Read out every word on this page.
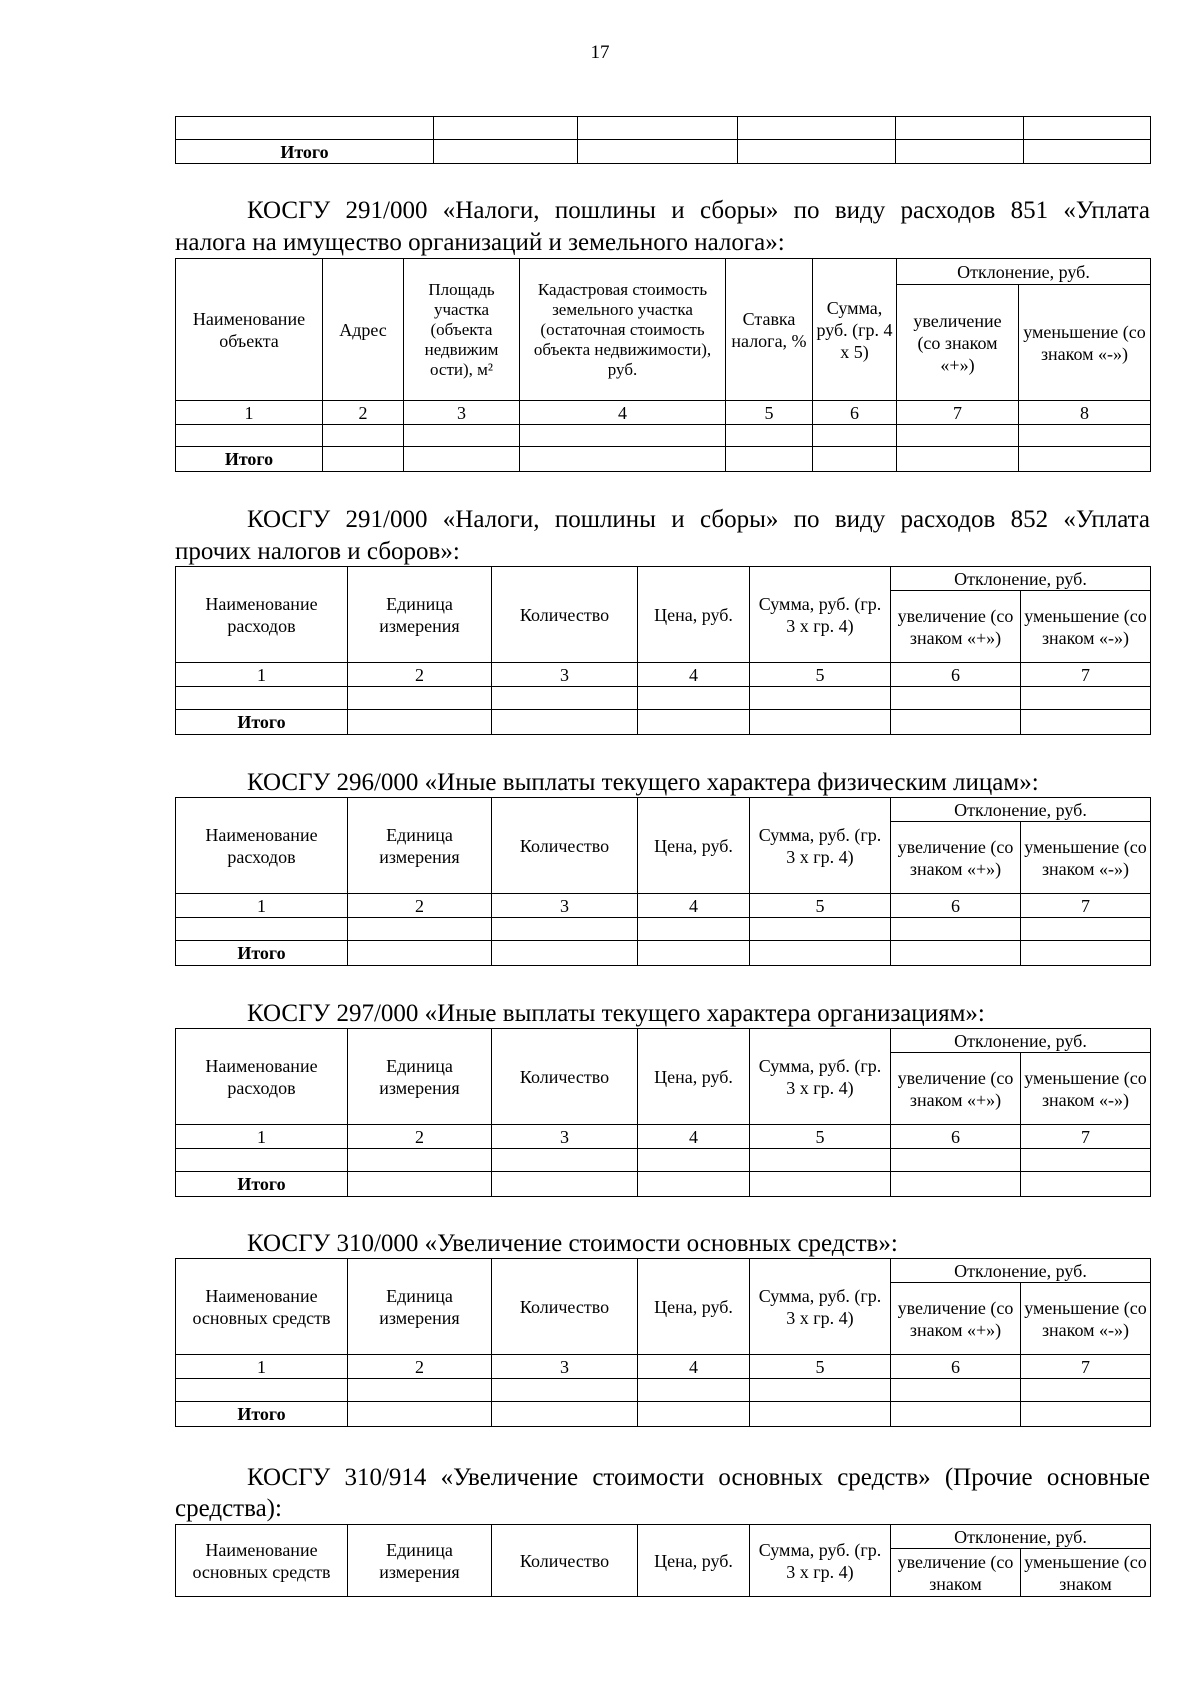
17

Итого					
КОСГУ 291/000 «Налоги, пошлины и сборы» по виду расходов 851 «Уплата
налога на имущество организаций и земельного налога»:
Наименование объекта	Адрес	Площадь участка (объекта недвижим ости), м²	Кадастровая стоимость земельного участка (остаточная стоимость объекта недвижимости), руб.	Ставка налога, %	Сумма, руб. (гр. 4 х 5)	Отклонение, руб.	
						увеличение (со знаком «+»)	уменьшение (со знаком «-»)
1	2	3	4	5	6	7	8

Итого							
КОСГУ 291/000 «Налоги, пошлины и сборы» по виду расходов 852 «Уплата
прочих налогов и сборов»:
Наименование расходов	Единица измерения	Количество	Цена, руб.	Сумма, руб. (гр. 3 х гр. 4)	Отклонение, руб.	
					увеличение (со знаком «+»)	уменьшение (со знаком «-»)
1	2	3	4	5	6	7

Итого						
КОСГУ 296/000 «Иные выплаты текущего характера физическим лицам»:
Наименование расходов	Единица измерения	Количество	Цена, руб.	Сумма, руб. (гр. 3 х гр. 4)	Отклонение, руб.	
					увеличение (со знаком «+»)	уменьшение (со знаком «-»)
1	2	3	4	5	6	7

Итого						
КОСГУ 297/000 «Иные выплаты текущего характера организациям»:
Наименование расходов	Единица измерения	Количество	Цена, руб.	Сумма, руб. (гр. 3 х гр. 4)	Отклонение, руб.	
					увеличение (со знаком «+»)	уменьшение (со знаком «-»)
1	2	3	4	5	6	7

Итого						
КОСГУ 310/000 «Увеличение стоимости основных средств»:
Наименование основных средств	Единица измерения	Количество	Цена, руб.	Сумма, руб. (гр. 3 х гр. 4)	Отклонение, руб.	
					увеличение (со знаком «+»)	уменьшение (со знаком «-»)
1	2	3	4	5	6	7

Итого						
КОСГУ 310/914 «Увеличение стоимости основных средств» (Прочие основные
средства):
Наименование основных средств	Единица измерения	Количество	Цена, руб.	Сумма, руб. (гр. 3 х гр. 4)	Отклонение, руб.	
					увеличение (со знаком	уменьшение (со знаком
